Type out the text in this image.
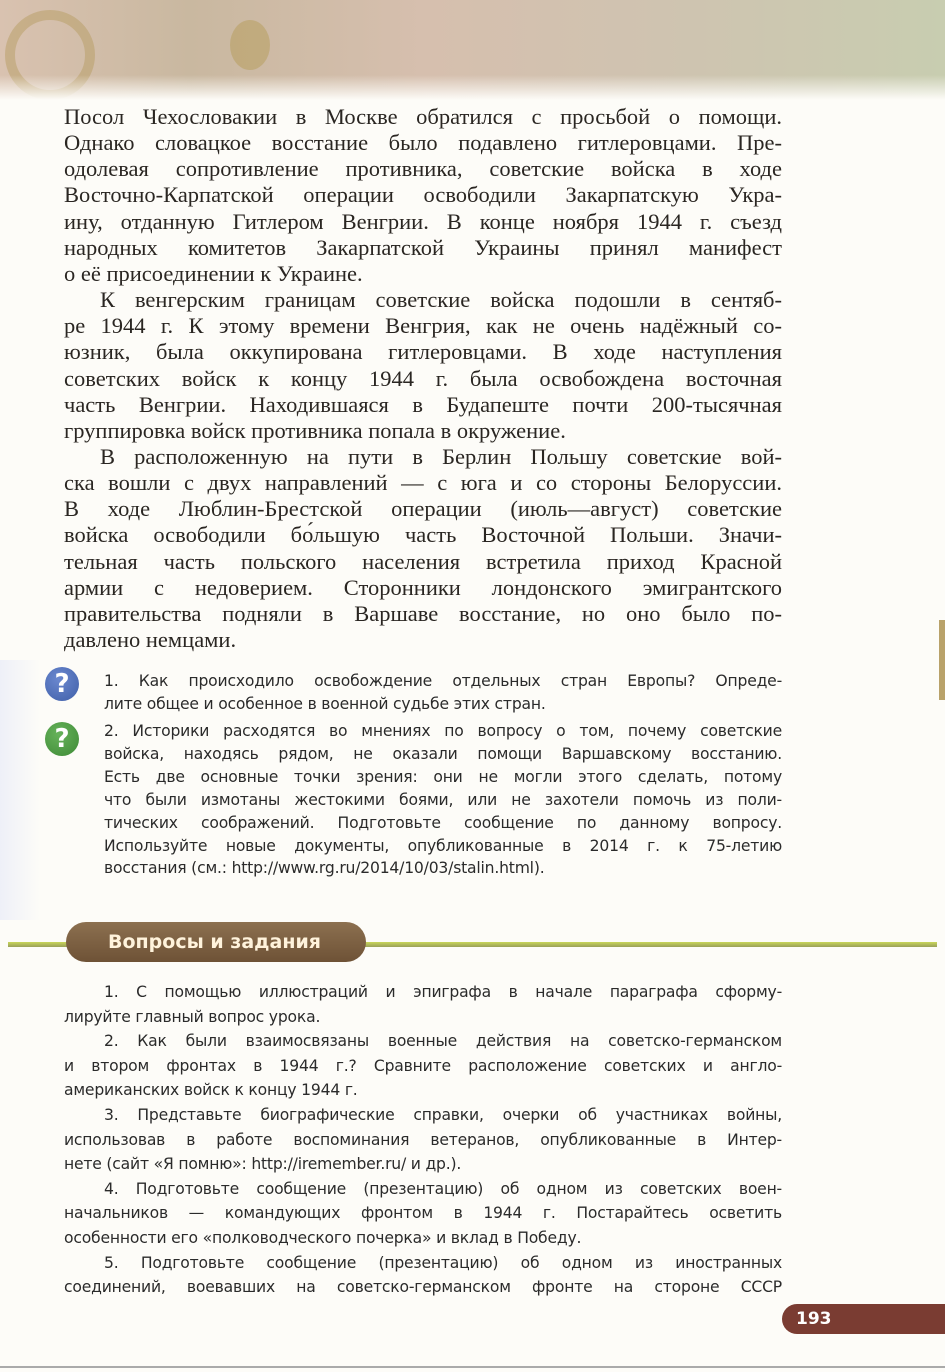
Посол Чехословакии в Москве обратился с просьбой о помощи.
Однако словацкое восстание было подавлено гитлеровцами. Пре-
одолевая сопротивление противника, советские войска в ходе
Восточно-Карпатской операции освободили Закарпатскую Укра-
ину, отданную Гитлером Венгрии. В конце ноября 1944 г. съезд
народных комитетов Закарпатской Украины принял манифест
о её присоединении к Украине.
К венгерским границам советские войска подошли в сентяб-
ре 1944 г. К этому времени Венгрия, как не очень надёжный со-
юзник, была оккупирована гитлеровцами. В ходе наступления
советских войск к концу 1944 г. была освобождена восточная
часть Венгрии. Находившаяся в Будапеште почти 200-тысячная
группировка войск противника попала в окружение.
В расположенную на пути в Берлин Польшу советские вой-
ска вошли с двух направлений — с юга и со стороны Белоруссии.
В ходе Люблин-Брестской операции (июль—август) советские
войска освободили бо́льшую часть Восточной Польши. Значи-
тельная часть польского населения встретила приход Красной
армии с недоверием. Сторонники лондонского эмигрантского
правительства подняли в Варшаве восстание, но оно было по-
давлено немцами.
?
?
1. Как происходило освобождение отдельных стран Европы? Опреде-
лите общее и особенное в военной судьбе этих стран.
2. Историки расходятся во мнениях по вопросу о том, почему советские
войска, находясь рядом, не оказали помощи Варшавскому восстанию.
Есть две основные точки зрения: они не могли этого сделать, потому
что были измотаны жестокими боями, или не захотели помочь из поли-
тических соображений. Подготовьте сообщение по данному вопросу.
Используйте новые документы, опубликованные в 2014 г. к 75-летию
восстания (см.: http://www.rg.ru/2014/10/03/stalin.html).
Вопросы и задания
1. С помощью иллюстраций и эпиграфа в начале параграфа сформу-
лируйте главный вопрос урока.
2. Как были взаимосвязаны военные действия на советско-германском
и втором фронтах в 1944 г.? Сравните расположение советских и англо-
американских войск к концу 1944 г.
3. Представьте биографические справки, очерки об участниках войны,
использовав в работе воспоминания ветеранов, опубликованные в Интер-
нете (сайт «Я помню»: http://iremember.ru/ и др.).
4. Подготовьте сообщение (презентацию) об одном из советских воен-
начальников — командующих фронтом в 1944 г. Постарайтесь осветить
особенности его «полководческого почерка» и вклад в Победу.
5. Подготовьте сообщение (презентацию) об одном из иностранных
соединений, воевавших на советско-германском фронте на стороне СССР
193
